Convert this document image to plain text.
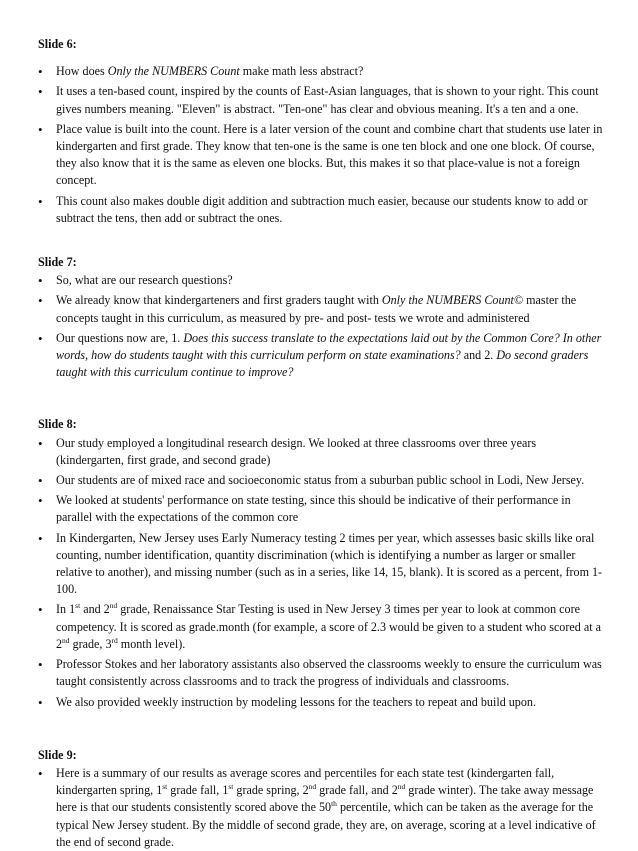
Slide 6:

• How does Only the NUMBERS Count make math less abstract?
• It uses a ten-based count, inspired by the counts of East-Asian languages, that is shown to your right. This count gives numbers meaning. "Eleven" is abstract. "Ten-one" has clear and obvious meaning. It's a ten and a one.
• Place value is built into the count. Here is a later version of the count and combine chart that students use later in kindergarten and first grade. They know that ten-one is the same is one ten block and one one block. Of course, they also know that it is the same as eleven one blocks. But, this makes it so that place-value is not a foreign concept.
• This count also makes double digit addition and subtraction much easier, because our students know to add or subtract the tens, then add or subtract the ones.

Slide 7:

• So, what are our research questions?
• We already know that kindergarteners and first graders taught with Only the NUMBERS Count© master the concepts taught in this curriculum, as measured by pre- and post- tests we wrote and administered
• Our questions now are, 1. Does this success translate to the expectations laid out by the Common Core? In other words, how do students taught with this curriculum perform on state examinations? and 2. Do second graders taught with this curriculum continue to improve?

Slide 8:

• Our study employed a longitudinal research design. We looked at three classrooms over three years (kindergarten, first grade, and second grade)
• Our students are of mixed race and socioeconomic status from a suburban public school in Lodi, New Jersey.
• We looked at students' performance on state testing, since this should be indicative of their performance in parallel with the expectations of the common core
• In Kindergarten, New Jersey uses Early Numeracy testing 2 times per year, which assesses basic skills like oral counting, number identification, quantity discrimination (which is identifying a number as larger or smaller relative to another), and missing number (such as in a series, like 14, 15, blank). It is scored as a percent, from 1-100.
• In 1st and 2nd grade, Renaissance Star Testing is used in New Jersey 3 times per year to look at common core competency. It is scored as grade.month (for example, a score of 2.3 would be given to a student who scored at a 2nd grade, 3rd month level).
• Professor Stokes and her laboratory assistants also observed the classrooms weekly to ensure the curriculum was taught consistently across classrooms and to track the progress of individuals and classrooms.
• We also provided weekly instruction by modeling lessons for the teachers to repeat and build upon.

Slide 9:

• Here is a summary of our results as average scores and percentiles for each state test (kindergarten fall, kindergarten spring, 1st grade fall, 1st grade spring, 2nd grade fall, and 2nd grade winter). The take away message here is that our students consistently scored above the 50th percentile, which can be taken as the average for the typical New Jersey student. By the middle of second grade, they are, on average, scoring at a level indicative of the end of second grade.
